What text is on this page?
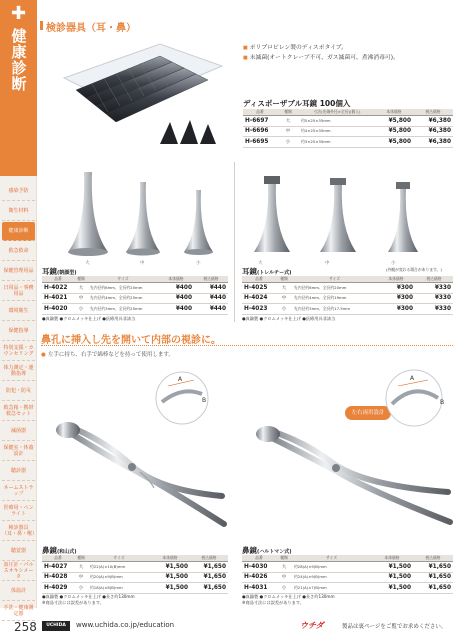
✚
健康診断
感染予防
衛生材料
健康診断
救急救命
保健管理用品
日用品・事務用品
環境衛生
保健指導
特別支援・カウンセリング
体力測定・運動指導
防犯・防災
救急箱・携帯救急セット
滅菌器
保健室・休養設計
聴診器
ネームストラップ
医療用・ペンライト
検診器具（耳・鼻・喉）
聴覚器
血圧計・パルスオキシメータ
体温計
手洗・健康測定器
検診器具（耳・鼻）
■ ポリプロピレン製のディスポタイプ。
■ 未滅菌(オートクレーブ不可、ガス滅菌可、煮沸消毒可)。
ディスポーザブル耳鏡 100個入
品番	種類	寸法(先端外径×全長)(個入)	本体価格	税込価格
H-6697	大	約5×25×35mm	¥5,800	¥6,380
H-6696	中	約4×25×35mm	¥5,800	¥6,380
H-6695	小	約3×25×35mm	¥5,800	¥6,380
大	中	小	大	中	小
耳鏡(朝顔型)
品番	種類	サイズ	本体価格	税込価格
H-4022	大	先内径約6mm、全長約25mm	¥400	¥440
H-4021	中	先内径約4mm、全長約25mm	¥400	¥440
H-4020	小	先内径約3mm、全長約25mm	¥400	¥440
●真鍮製 ●クロムメッキ仕上げ ●医療用具非該当
耳鏡(トレルチー式)
(外観が変わる場合があります。)
品番	種類	サイズ	本体価格	税込価格
H-4025	大	先内径約6mm、全長約20mm	¥300	¥330
H-4024	中	先内径約4mm、全長約19mm	¥300	¥330
H-4023	小	先内径約3mm、全長約17.5mm	¥300	¥330
●真鍮製 ●クロムメッキ仕上げ ●医療用具非該当
鼻孔に挿入し先を開いて内部の視診に。
● 左手に持ち、右手で綿棒などを持って使用します。
A
B
左右両用設計
A
B
鼻鏡(和山式)
品番	種類	サイズ	本体価格	税込価格
H-4027	大	約22(A)×10(B)mm	¥1,500	¥1,650
H-4028	中	約20(A)×9(B)mm	¥1,500	¥1,650
H-4029	小	約18(A)×8(B)mm	¥1,500	¥1,650
●真鍮製 ●クロムメッキ仕上げ ●長さ約130mm
※商品寸法には誤差があります。
鼻鏡(ハルトマン式)
品番	種類	サイズ	本体価格	税込価格
H-4030	大	約28(A)×9(B)mm	¥1,500	¥1,650
H-4026	中	約24(A)×9(B)mm	¥1,500	¥1,650
H-4031	小	約21(A)×7(B)mm	¥1,500	¥1,650
●真鍮製 ●クロムメッキ仕上げ ●長さ約130mm
※商品寸法には誤差があります。
258	UCHIDA	www.uchida.co.jp/education	ウチダ	製品は裏ページをご覧でお求めください。
